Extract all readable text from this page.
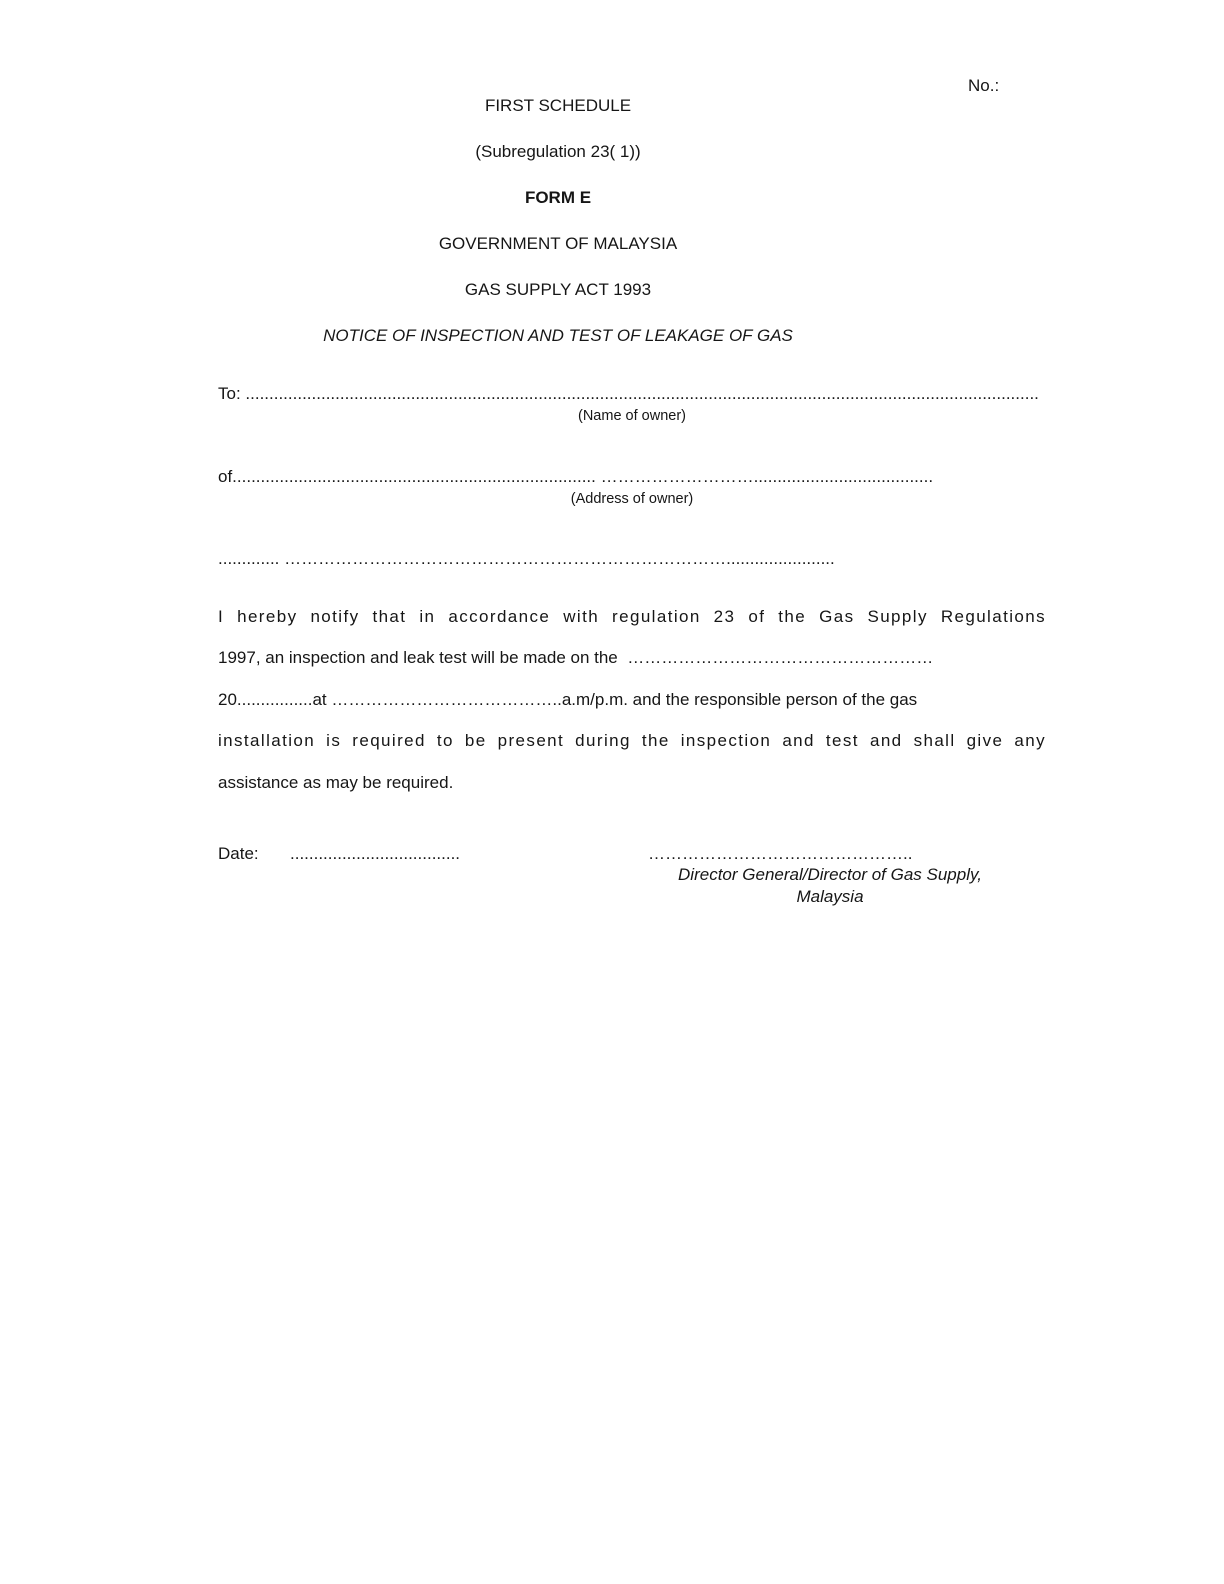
No.:
FIRST SCHEDULE
(Subregulation 23( 1))
FORM E
GOVERNMENT OF MALAYSIA
GAS SUPPLY ACT 1993
NOTICE OF INSPECTION AND TEST OF LEAKAGE OF GAS
To: ........................................................................................................................................................................
(Name of owner)
of............................................................................. ………………………......................................
(Address of owner)
............. …………………………………………………………………….......................
I hereby notify that in accordance with regulation 23 of the Gas Supply Regulations
1997, an inspection and leak test will be made on the  ………………………………………………
20................at …………………………………..a.m/p.m. and the responsible person of the gas
installation is required to be present during the inspection and test and shall give any
assistance as may be required.
Date: ....................................	………………………………………..
Director General/Director of Gas Supply,
Malaysia
